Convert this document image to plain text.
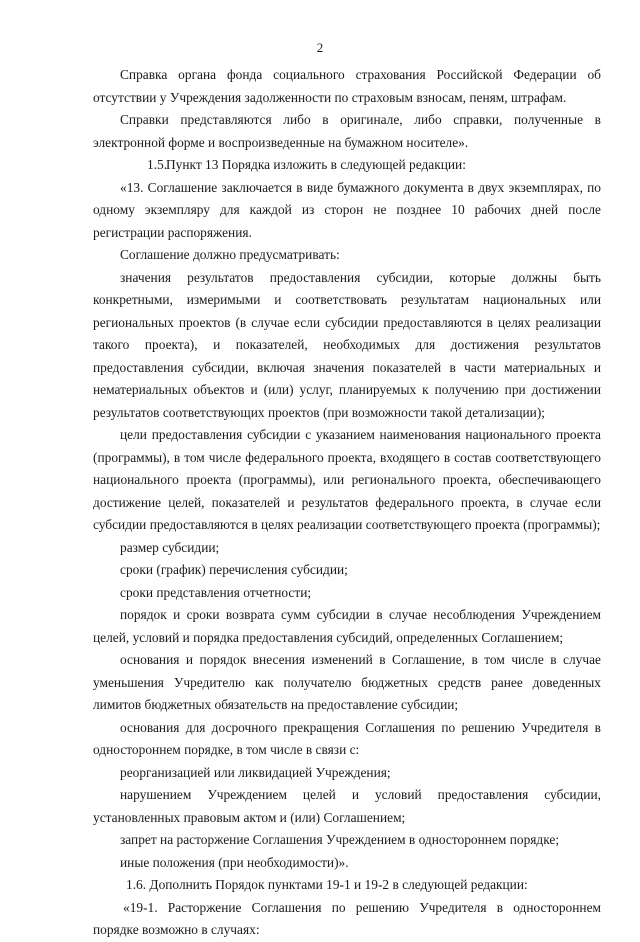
2

Справка органа фонда социального страхования Российской Федерации об отсутствии у Учреждения задолженности по страховым взносам, пеням, штрафам.

Справки представляются либо в оригинале, либо справки, полученные в электронной форме и воспроизведенные на бумажном носителе».

1.5.Пункт 13 Порядка изложить в следующей редакции:

«13. Соглашение заключается в виде бумажного документа в двух экземплярах, по одному экземпляру для каждой из сторон не позднее 10 рабочих дней после регистрации распоряжения.

Соглашение должно предусматривать:

значения результатов предоставления субсидии, которые должны быть конкретными, измеримыми и соответствовать результатам национальных или региональных проектов (в случае если субсидии предоставляются в целях реализации такого проекта), и показателей, необходимых для достижения результатов предоставления субсидии, включая значения показателей в части материальных и нематериальных объектов и (или) услуг, планируемых к получению при достижении результатов соответствующих проектов (при возможности такой детализации);

цели предоставления субсидии с указанием наименования национального проекта (программы), в том числе федерального проекта, входящего в состав соответствующего национального проекта (программы), или регионального проекта, обеспечивающего достижение целей, показателей и результатов федерального проекта, в случае если субсидии предоставляются в целях реализации соответствующего проекта (программы);

размер субсидии;

сроки (график) перечисления субсидии;

сроки представления отчетности;

порядок и сроки возврата сумм субсидии в случае несоблюдения Учреждением целей, условий и порядка предоставления субсидий, определенных Соглашением;

основания и порядок внесения изменений в Соглашение, в том числе в случае уменьшения Учредителю как получателю бюджетных средств ранее доведенных лимитов бюджетных обязательств на предоставление субсидии;

основания для досрочного прекращения Соглашения по решению Учредителя в одностороннем порядке, в том числе в связи с:

реорганизацией или ликвидацией Учреждения;

нарушением Учреждением целей и условий предоставления субсидии, установленных правовым актом и (или) Соглашением;

запрет на расторжение Соглашения Учреждением в одностороннем порядке;

иные положения (при необходимости)».

1.6. Дополнить Порядок пунктами 19-1 и 19-2 в следующей редакции:

«19-1. Расторжение Соглашения по решению Учредителя в одностороннем порядке возможно в случаях:
